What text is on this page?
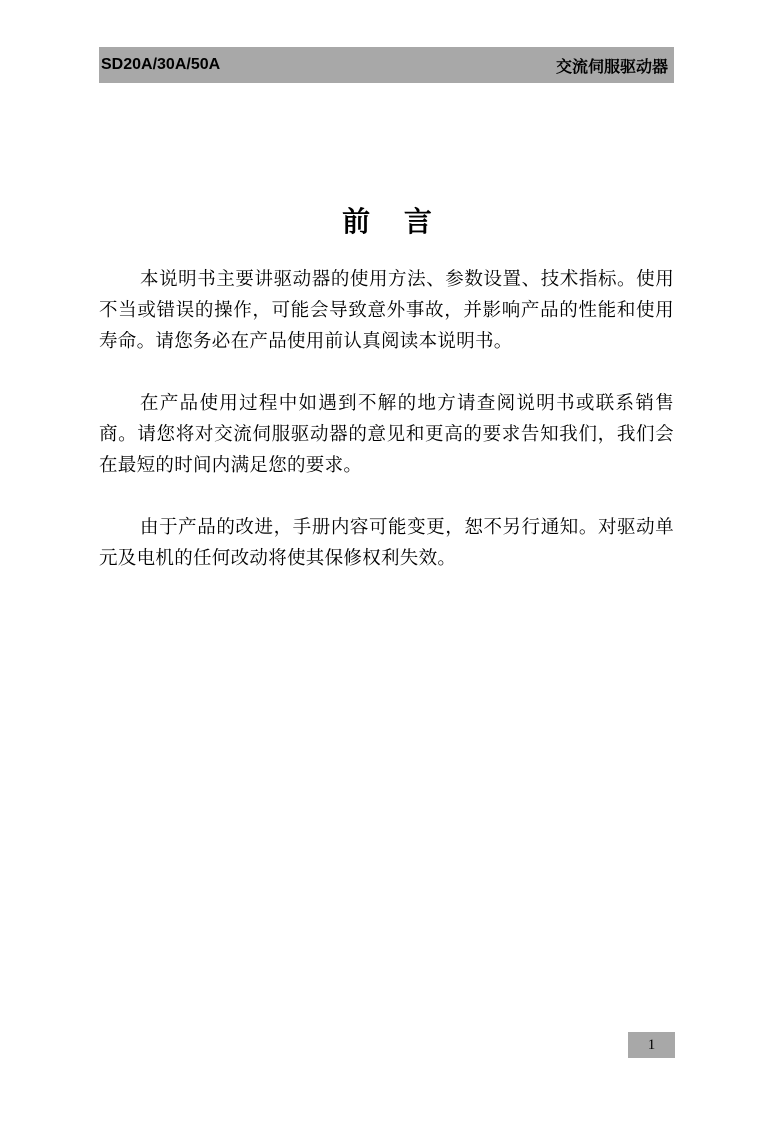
SD20A/30A/50A	交流伺服驱动器
前 言

本说明书主要讲驱动器的使用方法、参数设置、技术指标。使用不当或错误的操作，可能会导致意外事故，并影响产品的性能和使用寿命。请您务必在产品使用前认真阅读本说明书。

在产品使用过程中如遇到不解的地方请查阅说明书或联系销售商。请您将对交流伺服驱动器的意见和更高的要求告知我们，我们会在最短的时间内满足您的要求。

由于产品的改进，手册内容可能变更，恕不另行通知。对驱动单元及电机的任何改动将使其保修权利失效。

1
